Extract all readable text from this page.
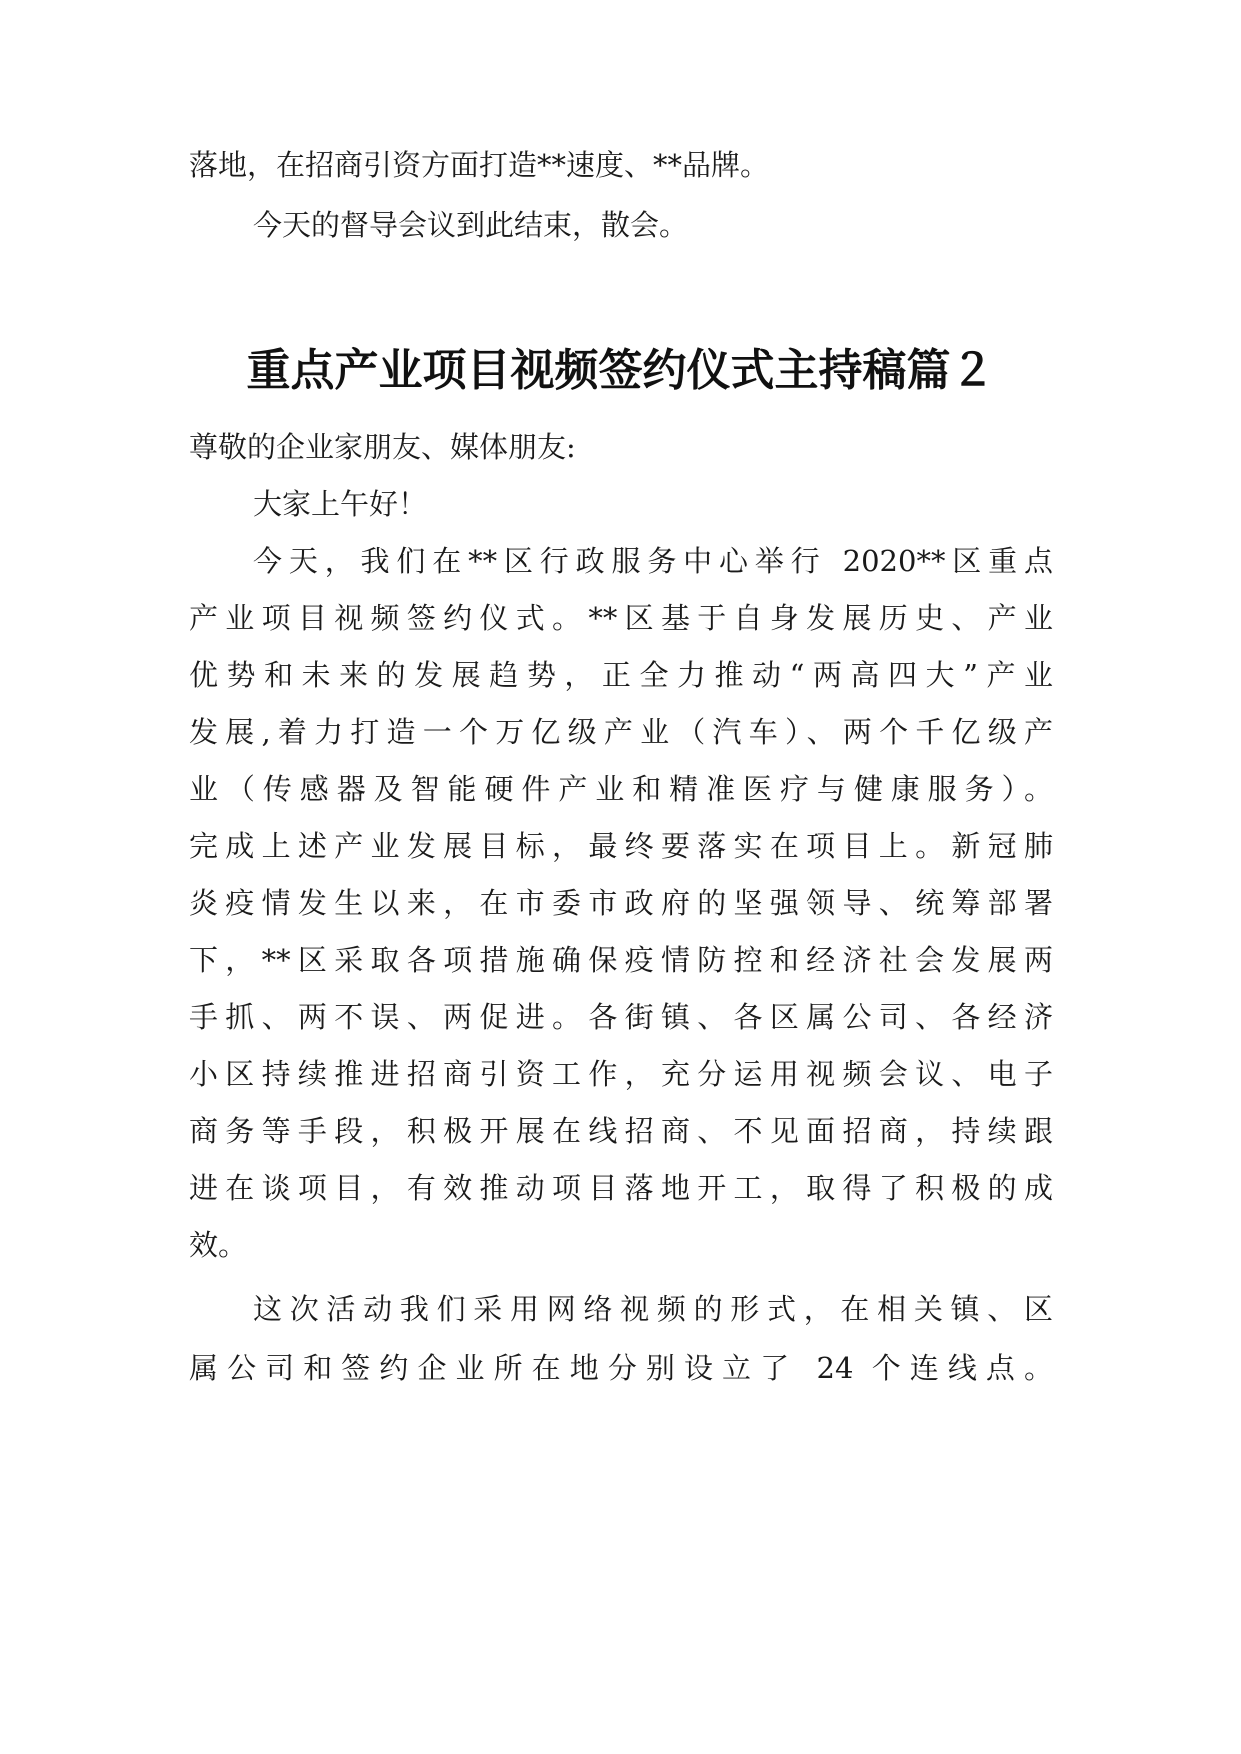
落地，在招商引资方面打造**速度、**品牌。
今天的督导会议到此结束，散会。
重点产业项目视频签约仪式主持稿篇２
尊敬的企业家朋友、媒体朋友:
大家上午好！
今天，我们在**区行政服务中心举行 2020**区重点
产业项目视频签约仪式。**区基于自身发展历史、产业
优势和未来的发展趋势，正全力推动“两高四大”产业
发展,着力打造一个万亿级产业（汽车）、两个千亿级产
业（传感器及智能硬件产业和精准医疗与健康服务）。
完成上述产业发展目标，最终要落实在项目上。新冠肺
炎疫情发生以来，在市委市政府的坚强领导、统筹部署
下，**区采取各项措施确保疫情防控和经济社会发展两
手抓、两不误、两促进。各街镇、各区属公司、各经济
小区持续推进招商引资工作，充分运用视频会议、电子
商务等手段，积极开展在线招商、不见面招商，持续跟
进在谈项目，有效推动项目落地开工，取得了积极的成
效。
这次活动我们采用网络视频的形式，在相关镇、区
属公司和签约企业所在地分别设立了 24 个连线点。
